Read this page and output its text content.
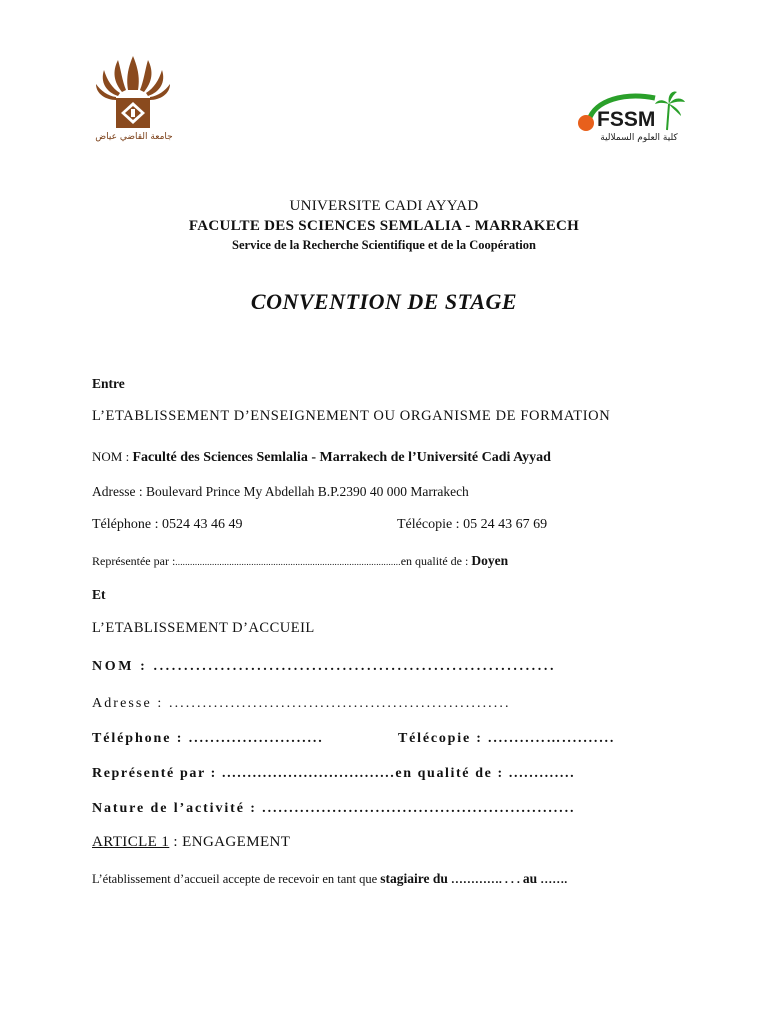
جامعة القاضي عياض
FSSM
كلية العلوم السملالية
UNIVERSITE CADI AYYAD
FACULTE DES SCIENCES SEMLALIA - MARRAKECH
Service de la Recherche Scientifique et de la Coopération
CONVENTION DE STAGE
Entre
L’ETABLISSEMENT D’ENSEIGNEMENT OU ORGANISME DE FORMATION
NOM : Faculté des Sciences Semlalia - Marrakech de l’Université Cadi Ayyad
Adresse : Boulevard Prince My Abdellah B.P.2390 40 000 Marrakech
Téléphone : 0524 43 46 49	Télécopie : 05 24 43 67 69
Représentée par :............................................................................................en qualité de : Doyen
Et
L’ETABLISSEMENT D’ACCUEIL
NOM : ..................................................................
Adresse : .............................................................
Téléphone : .........................	Télécopie : ...........…..........
Représenté par : ..................................en qualité de : .............
Nature de l’activité : ..........................................................
ARTICLE 1 : ENGAGEMENT
L’établissement d’accueil accepte de recevoir en tant que stagiaire du …………. . . . au …….
